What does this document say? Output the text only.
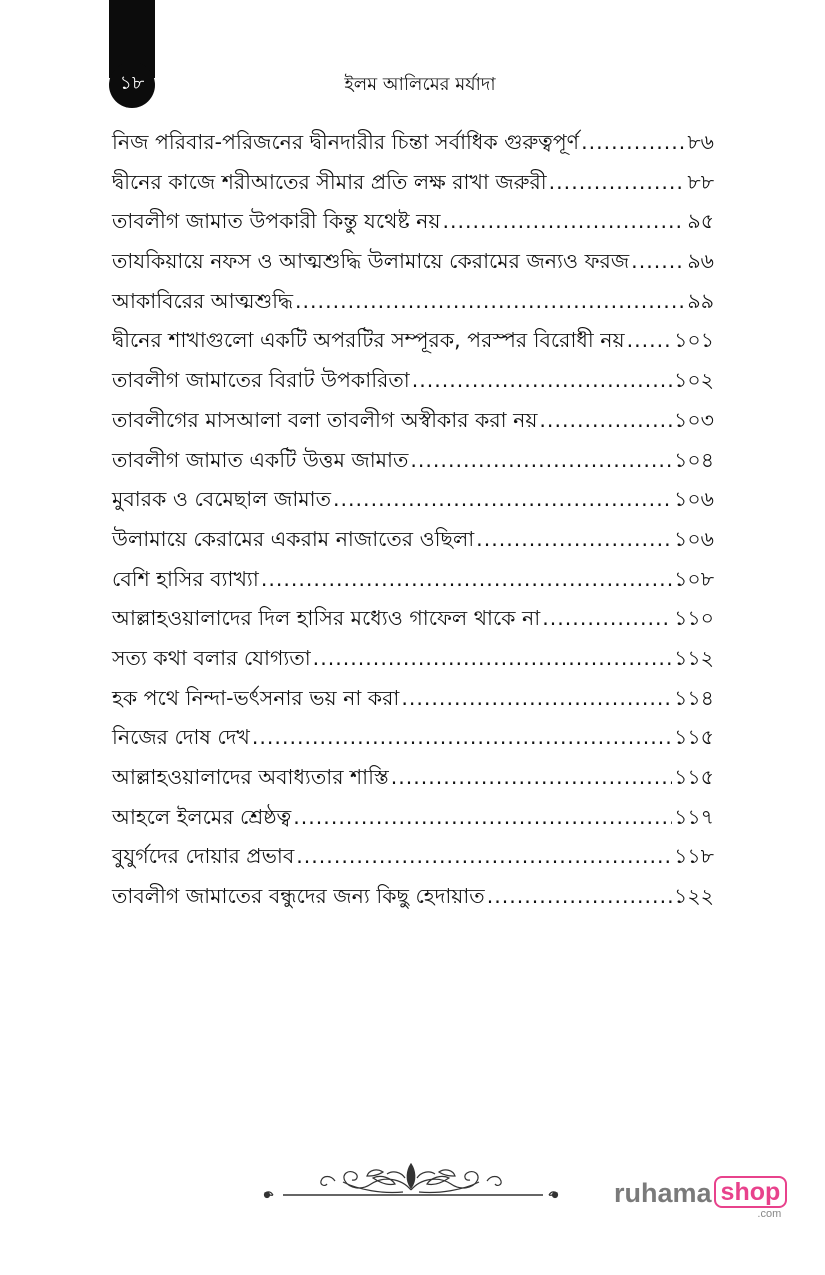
১৮	ইলম আলিমের মর্যাদা
নিজ পরিবার-পরিজনের দ্বীনদারীর চিন্তা সর্বাধিক গুরুত্বপূর্ণ .....	৮৬
দ্বীনের কাজে শরীআতের সীমার প্রতি লক্ষ রাখা জরুরী .....	৮৮
তাবলীগ জামাত উপকারী কিন্তু যথেষ্ট নয় .....	৯৫
তাযকিয়ায়ে নফস ও আত্মশুদ্ধি উলামায়ে কেরামের জন্যও ফরজ .....	৯৬
আকাবিরের আত্মশুদ্ধি .....	৯৯
দ্বীনের শাখাগুলো একটি অপরটির সম্পূরক, পরস্পর বিরোধী নয় ..... ১০১
তাবলীগ জামাতের বিরাট উপকারিতা .....	১০২
তাবলীগের মাসআলা বলা তাবলীগ অস্বীকার করা নয় .....	১০৩
তাবলীগ জামাত একটি উত্তম জামাত .....	১০৪
মুবারক ও বেমেছাল জামাত .....	১০৬
উলামায়ে কেরামের একরাম নাজাতের ওছিলা .....	১০৬
বেশি হাসির ব্যাখ্যা .....	১০৮
আল্লাহওয়ালাদের দিল হাসির মধ্যেও গাফেল থাকে না .....	১১০
সত্য কথা বলার যোগ্যতা .....	১১২
হক পথে নিন্দা-ভর্ৎসনার ভয় না করা .....	১১৪
নিজের দোষ দেখ .....	১১৫
আল্লাহওয়ালাদের অবাধ্যতার শাস্তি .....	১১৫
আহলে ইলমের শ্রেষ্ঠত্ব .....	১১৭
বুযুর্গদের দোয়ার প্রভাব .....	১১৮
তাবলীগ জামাতের বন্ধুদের জন্য কিছু হেদায়াত .....	১২২
ruhama shop
.com
